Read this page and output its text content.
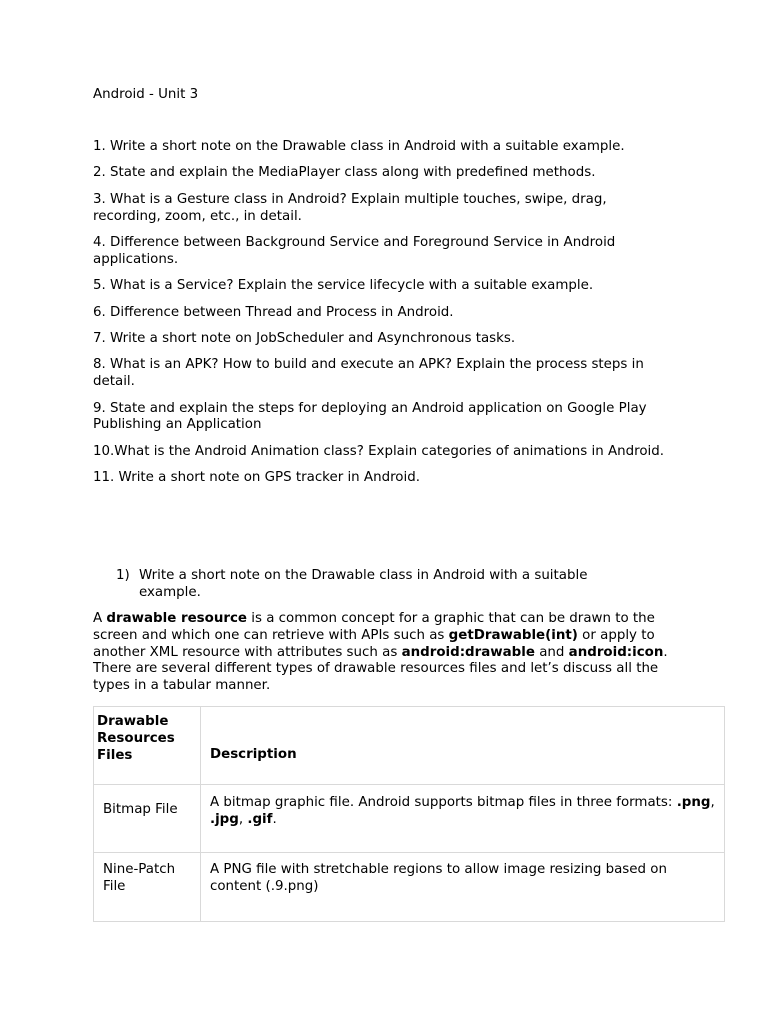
Android - Unit 3
1. Write a short note on the Drawable class in Android with a suitable example.
2. State and explain the MediaPlayer class along with predefined methods.
3. What is a Gesture class in Android? Explain multiple touches, swipe, drag, recording, zoom, etc., in detail.
4. Difference between Background Service and Foreground Service in Android applications.
5. What is a Service? Explain the service lifecycle with a suitable example.
6. Difference between Thread and Process in Android.
7. Write a short note on JobScheduler and Asynchronous tasks.
8. What is an APK? How to build and execute an APK? Explain the process steps in detail.
9. State and explain the steps for deploying an Android application on Google Play Publishing an Application
10.What is the Android Animation class? Explain categories of animations in Android.
11. Write a short note on GPS tracker in Android.
1) Write a short note on the Drawable class in Android with a suitable example.

A drawable resource is a common concept for a graphic that can be drawn to the screen and which one can retrieve with APIs such as getDrawable(int) or apply to another XML resource with attributes such as android:drawable and android:icon. There are several different types of drawable resources files and let’s discuss all the types in a tabular manner.

Drawable Resources Files	Description
Bitmap File	A bitmap graphic file. Android supports bitmap files in three formats: .png, .jpg, .gif.
Nine-Patch File	A PNG file with stretchable regions to allow image resizing based on content (.9.png)
